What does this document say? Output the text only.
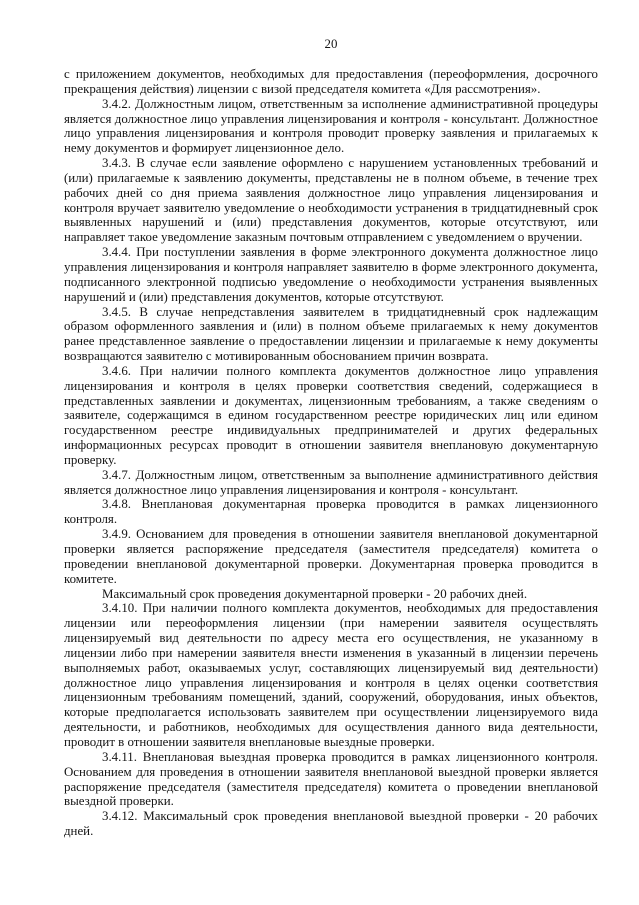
20

с приложением документов, необходимых для предоставления (переоформления, досрочного прекращения действия) лицензии с визой председателя комитета «Для рассмотрения».

3.4.2. Должностным лицом, ответственным за исполнение административной процедуры является должностное лицо управления лицензирования и контроля - консультант. Должностное лицо управления лицензирования и контроля проводит проверку заявления и прилагаемых к нему документов и формирует лицензионное дело.

3.4.3. В случае если заявление оформлено с нарушением установленных требований и (или) прилагаемые к заявлению документы, представлены не в полном объеме, в течение трех рабочих дней со дня приема заявления должностное лицо управления лицензирования и контроля вручает заявителю уведомление о необходимости устранения в тридцатидневный срок выявленных нарушений и (или) представления документов, которые отсутствуют, или направляет такое уведомление заказным почтовым отправлением с уведомлением о вручении.

3.4.4. При поступлении заявления в форме электронного документа должностное лицо управления лицензирования и контроля направляет заявителю в форме электронного документа, подписанного электронной подписью уведомление о необходимости устранения выявленных нарушений и (или) представления документов, которые отсутствуют.

3.4.5. В случае непредставления заявителем в тридцатидневный срок надлежащим образом оформленного заявления и (или) в полном объеме прилагаемых к нему документов ранее представленное заявление о предоставлении лицензии и прилагаемые к нему документы возвращаются заявителю с мотивированным обоснованием причин возврата.

3.4.6. При наличии полного комплекта документов должностное лицо управления лицензирования и контроля в целях проверки соответствия сведений, содержащиеся в представленных заявлении и документах, лицензионным требованиям, а также сведениям о заявителе, содержащимся в едином государственном реестре юридических лиц или едином государственном реестре индивидуальных предпринимателей и других федеральных информационных ресурсах проводит в отношении заявителя внеплановую документарную проверку.

3.4.7. Должностным лицом, ответственным за выполнение административного действия является должностное лицо управления лицензирования и контроля - консультант.

3.4.8. Внеплановая документарная проверка проводится в рамках лицензионного контроля.

3.4.9. Основанием для проведения в отношении заявителя внеплановой документарной проверки является распоряжение председателя (заместителя председателя) комитета о проведении внеплановой документарной проверки. Документарная проверка проводится в комитете.

Максимальный срок проведения документарной проверки - 20 рабочих дней.

3.4.10. При наличии полного комплекта документов, необходимых для предоставления лицензии или переоформления лицензии (при намерении заявителя осуществлять лицензируемый вид деятельности по адресу места его осуществления, не указанному в лицензии либо при намерении заявителя внести изменения в указанный в лицензии перечень выполняемых работ, оказываемых услуг, составляющих лицензируемый вид деятельности) должностное лицо управления лицензирования и контроля в целях оценки соответствия лицензионным требованиям помещений, зданий, сооружений, оборудования, иных объектов, которые предполагается использовать заявителем при осуществлении лицензируемого вида деятельности, и работников, необходимых для осуществления данного вида деятельности, проводит в отношении заявителя внеплановые выездные проверки.

3.4.11. Внеплановая выездная проверка проводится в рамках лицензионного контроля. Основанием для проведения в отношении заявителя внеплановой выездной проверки является распоряжение председателя (заместителя председателя) комитета о проведении внеплановой выездной проверки.

3.4.12. Максимальный срок проведения внеплановой выездной проверки - 20 рабочих дней.
